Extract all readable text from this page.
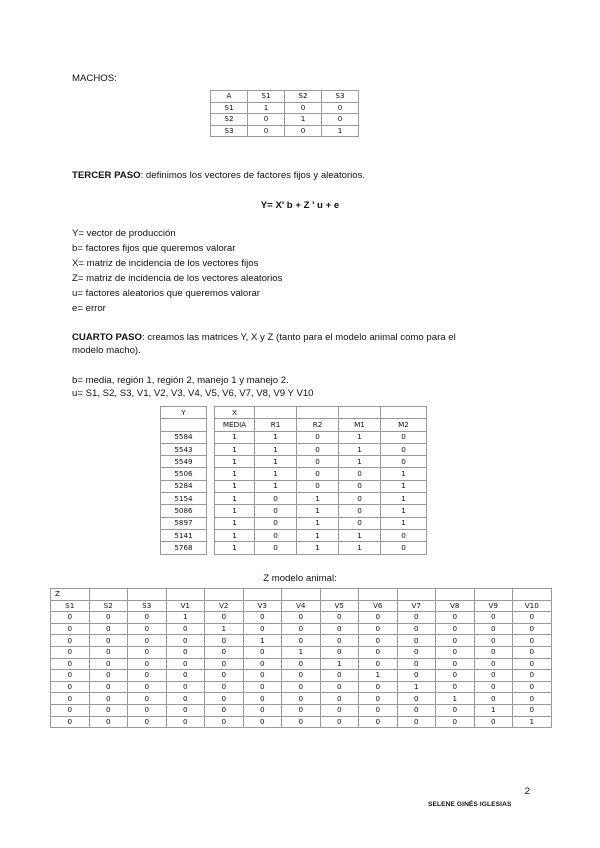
MACHOS:
A	S1	S2	S3
S1	1	0	0
S2	0	1	0
S3	0	0	1
TERCER PASO: definimos los vectores de factores fijos y aleatorios.
Y= X' b + Z ' u + e
Y= vector de producción
b= factores fijos que queremos valorar
X= matriz de incidencia de los vectores fijos
Z= matriz de incidencia de los vectores aleatorios
u= factores aleatorios que queremos valorar
e= error
CUARTO PASO: creamos las matrices Y, X y Z (tanto para el modelo animal como para el
modelo macho).
b= media, región 1, región 2, manejo 1 y manejo 2.
u= S1, S2, S3, V1, V2, V3, V4, V5, V6, V7, V8, V9 Y V10
Y		X				
		MEDIA	R1	R2	M1	M2
5584		1	1	0	1	0
5543		1	1	0	1	0
5549		1	1	0	1	0
5506		1	1	0	0	1
5284		1	1	0	0	1
5154		1	0	1	0	1
5086		1	0	1	0	1
5897		1	0	1	0	1
5141		1	0	1	1	0
5768		1	0	1	1	0
Z modelo animal:
Z												
S1	S2	S3	V1	V2	V3	V4	V5	V6	V7	V8	V9	V10
0	0	0	1	0	0	0	0	0	0	0	0	0
0	0	0	0	1	0	0	0	0	0	0	0	0
0	0	0	0	0	1	0	0	0	0	0	0	0
0	0	0	0	0	0	1	0	0	0	0	0	0
0	0	0	0	0	0	0	1	0	0	0	0	0
0	0	0	0	0	0	0	0	1	0	0	0	0
0	0	0	0	0	0	0	0	0	1	0	0	0
0	0	0	0	0	0	0	0	0	0	1	0	0
0	0	0	0	0	0	0	0	0	0	0	1	0
0	0	0	0	0	0	0	0	0	0	0	0	1
2
SELENE GINÉS IGLESIAS
